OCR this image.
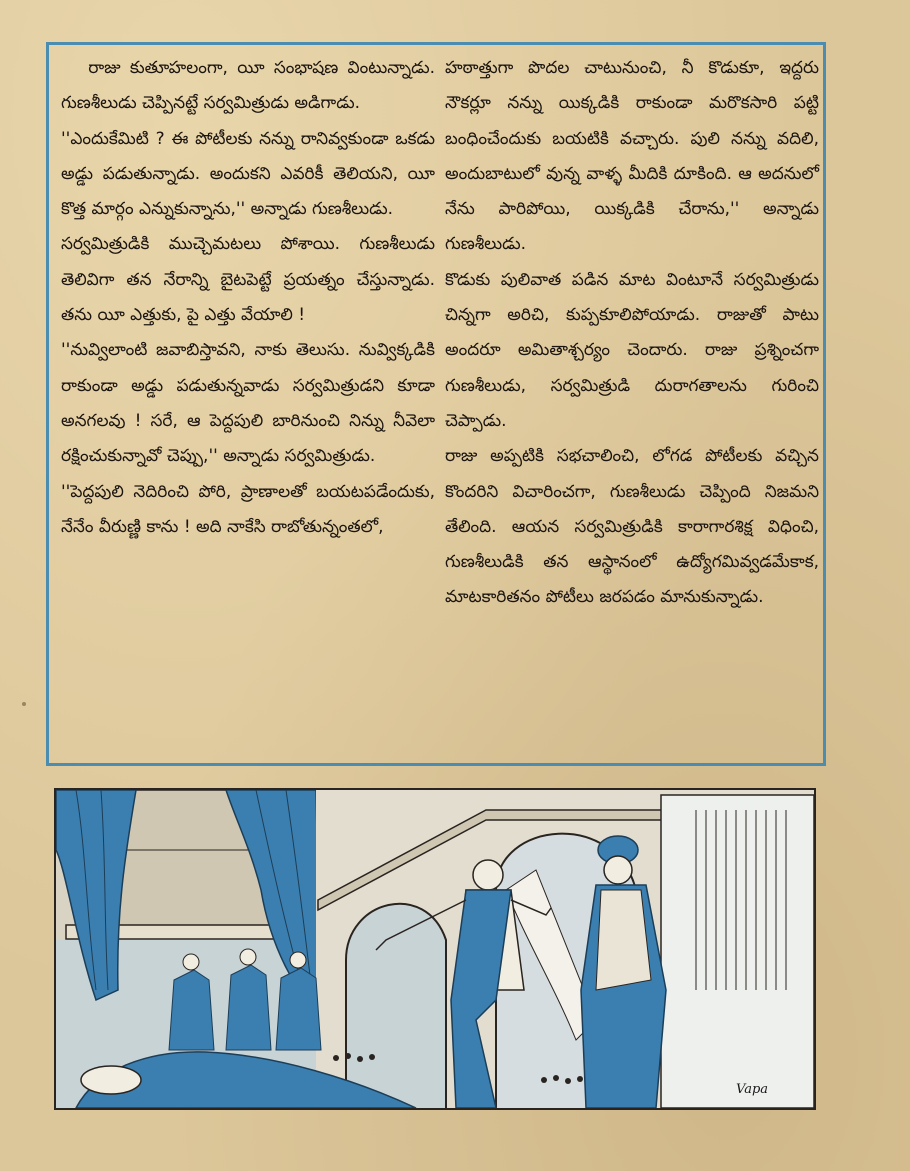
రాజు కుతూహలంగా, యీ సంభాషణ వింటున్నాడు. గుణశీలుడు చెప్పినట్టే సర్వమిత్రుడు అడిగాడు.

''ఎందుకేమిటి ? ఈ పోటీలకు నన్ను రానివ్వకుండా ఒకడు అడ్డు పడుతున్నాడు. అందుకని ఎవరికీ తెలియని, యీ కొత్త మార్గం ఎన్నుకున్నాను,'' అన్నాడు గుణశీలుడు.

సర్వమిత్రుడికి ముచ్చెమటలు పోశాయి. గుణశీలుడు తెలివిగా తన నేరాన్ని బైటపెట్టే ప్రయత్నం చేస్తున్నాడు. తను యీ ఎత్తుకు, పై ఎత్తు వేయాలి !

''నువ్విలాంటి జవాబిస్తావని, నాకు తెలుసు. నువ్విక్కడికి రాకుండా అడ్డు పడుతున్నవాడు సర్వమిత్రుడని కూడా అనగలవు ! సరే, ఆ పెద్దపులి బారినుంచి నిన్ను నీవెలా రక్షించుకున్నావో చెప్పు,'' అన్నాడు సర్వమిత్రుడు.

''పెద్దపులి నెదిరించి పోరి, ప్రాణాలతో బయటపడేందుకు, నేనేం వీరుణ్ణి కాను ! అది నాకేసి రాబోతున్నంతలో,

హఠాత్తుగా పొదల చాటునుంచి, నీ కొడుకూ, ఇద్దరు నౌకర్లూ నన్ను యిక్కడికి రాకుండా మరొకసారి పట్టి బంధించేందుకు బయటికి వచ్చారు. పులి నన్ను వదిలి, అందుబాటులో వున్న వాళ్ళ మీదికి దూకింది. ఆ అదనులో నేను పారిపోయి, యిక్కడికి చేరాను,'' అన్నాడు గుణశీలుడు.

కొడుకు పులివాత పడిన మాట వింటూనే సర్వమిత్రుడు చిన్నగా అరిచి, కుప్పకూలిపోయాడు. రాజుతో పాటు అందరూ అమితాశ్చర్యం చెందారు. రాజు ప్రశ్నించగా గుణశీలుడు, సర్వమిత్రుడి దురాగతాలను గురించి చెప్పాడు.

రాజు అప్పటికి సభచాలించి, లోగడ పోటీలకు వచ్చిన కొందరిని విచారించగా, గుణశీలుడు చెప్పింది నిజమని తేలింది. ఆయన సర్వమిత్రుడికి కారాగారశిక్ష విధించి, గుణశీలుడికి తన ఆస్థానంలో ఉద్యోగమివ్వడమేకాక, మాటకారితనం పోటీలు జరపడం మానుకున్నాడు.

Vapa
